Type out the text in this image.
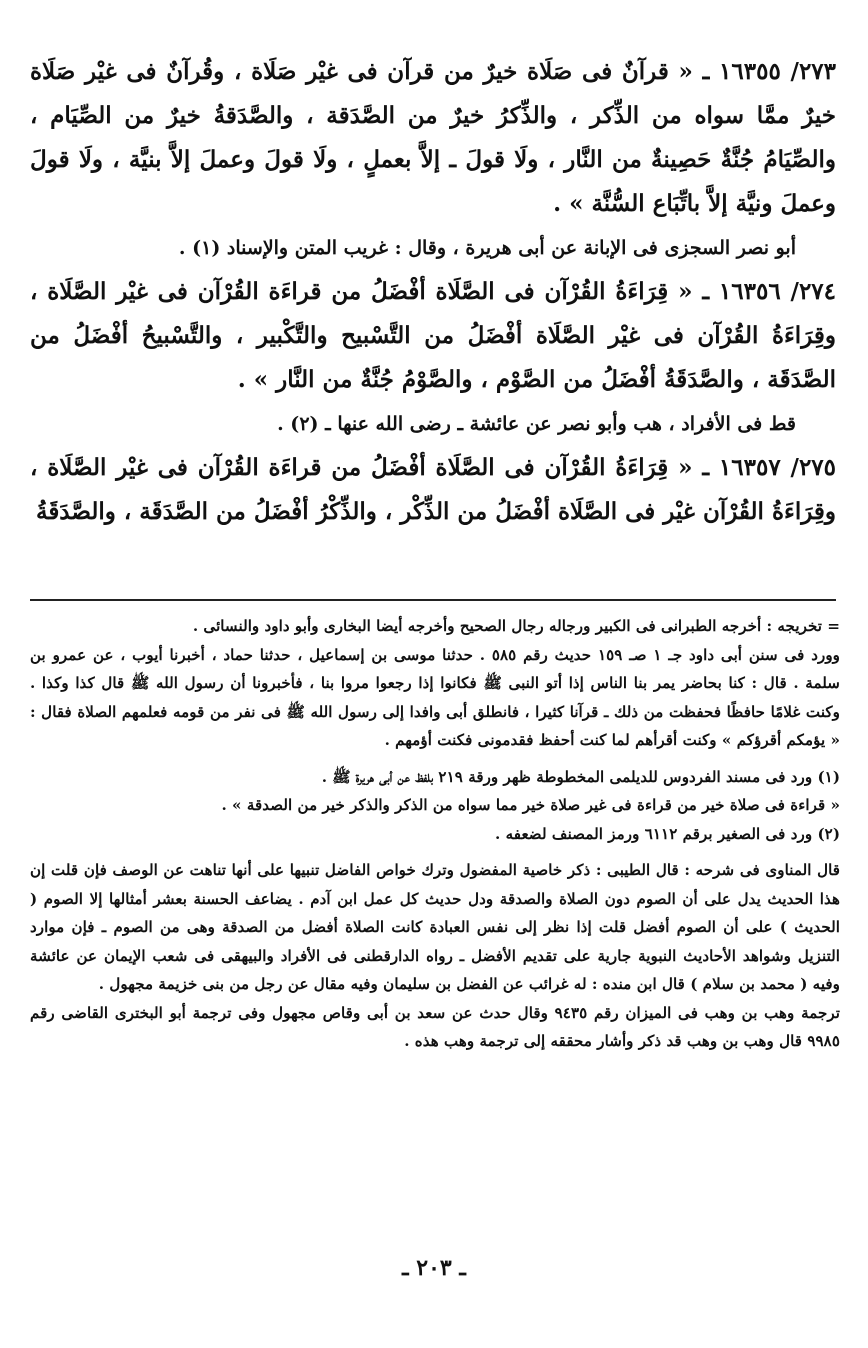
٢٧٣/ ١٦٣٥٥ ـ « قرآنٌ فى صَلَاة خيرٌ من قرآن فى غيْر صَلَاة ، وقُرآنٌ فى غيْر صَلَاة خيرٌ ممَّا سواه من الذِّكر ، والذِّكرُ خيرٌ من الصَّدَقة ، والصَّدَقةُ خيرٌ من الصِّيَام ، والصِّيَامُ جُنَّةٌ حَصِينةٌ من النَّار ، ولَا قولَ ـ إلاَّ بعملٍ ، ولَا قولَ وعملَ إلاَّ بنيَّة ، ولَا قولَ وعملَ ونيَّة إلاَّ باتِّبَاع السُّنَّة » .

أبو نصر السجزى فى الإبانة عن أبى هريرة ، وقال : غريب المتن والإسناد (١) .

٢٧٤/ ١٦٣٥٦ ـ « قِرَاءَةُ القُرْآن فى الصَّلَاة أفْضَلُ من قراءَة القُرْآن فى غيْر الصَّلَاة ، وقِرَاءَةُ القُرْآن فى غيْر الصَّلَاة أفْضَلُ من التَّسْبيح والتَّكْبير ، والتَّسْبيحُ أفْضَلُ من الصَّدَقَة ، والصَّدَقَةُ أفْضَلُ من الصَّوْم ، والصَّوْمُ جُنَّةٌ من النَّار » .

قط فى الأفراد ، هب وأبو نصر عن عائشة ـ رضى الله عنها ـ (٢) .

٢٧٥/ ١٦٣٥٧ ـ « قِرَاءَةُ القُرْآن فى الصَّلَاة أفْضَلُ من قراءَة القُرْآن فى غيْر الصَّلَاة ، وقِرَاءَةُ القُرْآن غيْر فى الصَّلَاة أفْضَلُ من الذِّكْر ، والذِّكْرُ أفْضَلُ من الصَّدَقَة ، والصَّدَقَةُ

= تخريجه : أخرجه الطبرانى فى الكبير ورجاله رجال الصحيح وأخرجه أيضا البخارى وأبو داود والنسائى .

وورد فى سنن أبى داود جـ ١ صـ ١٥٩ حديث رقم ٥٨٥ . حدثنا موسى بن إسماعيل ، حدثنا حماد ، أخبرنا أيوب ، عن عمرو بن سلمة . قال : كنا بحاضر يمر بنا الناس إذا أتو النبى ﷺ فكانوا إذا رجعوا مروا بنا ، فأخبرونا أن رسول الله ﷺ قال كذا وكذا . وكنت غلامًا حافظًا فحفظت من ذلك ـ قرآنا كثيرا ، فانطلق أبى وافدا إلى رسول الله ﷺ فى نفر من قومه فعلمهم الصلاة فقال : « يؤمكم أقرؤكم » وكنت أقرأهم لما كنت أحفظ فقدمونى فكنت أؤمهم .

(١) ورد فى مسند الفردوس للديلمى المخطوطة ظهر ورقة ٢١٩ بلفظ عن أبى هريرة ﷺ .

« قراءة فى صلاة خير من قراءة فى غير صلاة خير مما سواه من الذكر والذكر خير من الصدقة » .

(٢) ورد فى الصغير برقم ٦١١٢ ورمز المصنف لضعفه .

قال المناوى فى شرحه : قال الطيبى : ذكر خاصية المفضول وترك خواص الفاضل تنبيها على أنها تناهت عن الوصف فإن قلت إن هذا الحديث يدل على أن الصوم دون الصلاة والصدقة ودل حديث كل عمل ابن آدم . يضاعف الحسنة بعشر أمثالها إلا الصوم ( الحديث ) على أن الصوم أفضل قلت إذا نظر إلى نفس العبادة كانت الصلاة أفضل من الصدقة وهى من الصوم ـ فإن موارد التنزيل وشواهد الأحاديث النبوية جارية على تقديم الأفضل ـ رواه الدارقطنى فى الأفراد والبيهقى فى شعب الإيمان عن عائشة وفيه ( محمد بن سلام ) قال ابن منده : له غرائب عن الفضل بن سليمان وفيه مقال عن رجل من بنى خزيمة مجهول .

ترجمة وهب بن وهب فى الميزان رقم ٩٤٣٥ وقال حدث عن سعد بن أبى وقاص مجهول وفى ترجمة أبو البخترى القاضى رقم ٩٩٨٥ قال وهب بن وهب قد ذكر وأشار محققه إلى ترجمة وهب هذه .

ـ ٢٠٣ ـ
